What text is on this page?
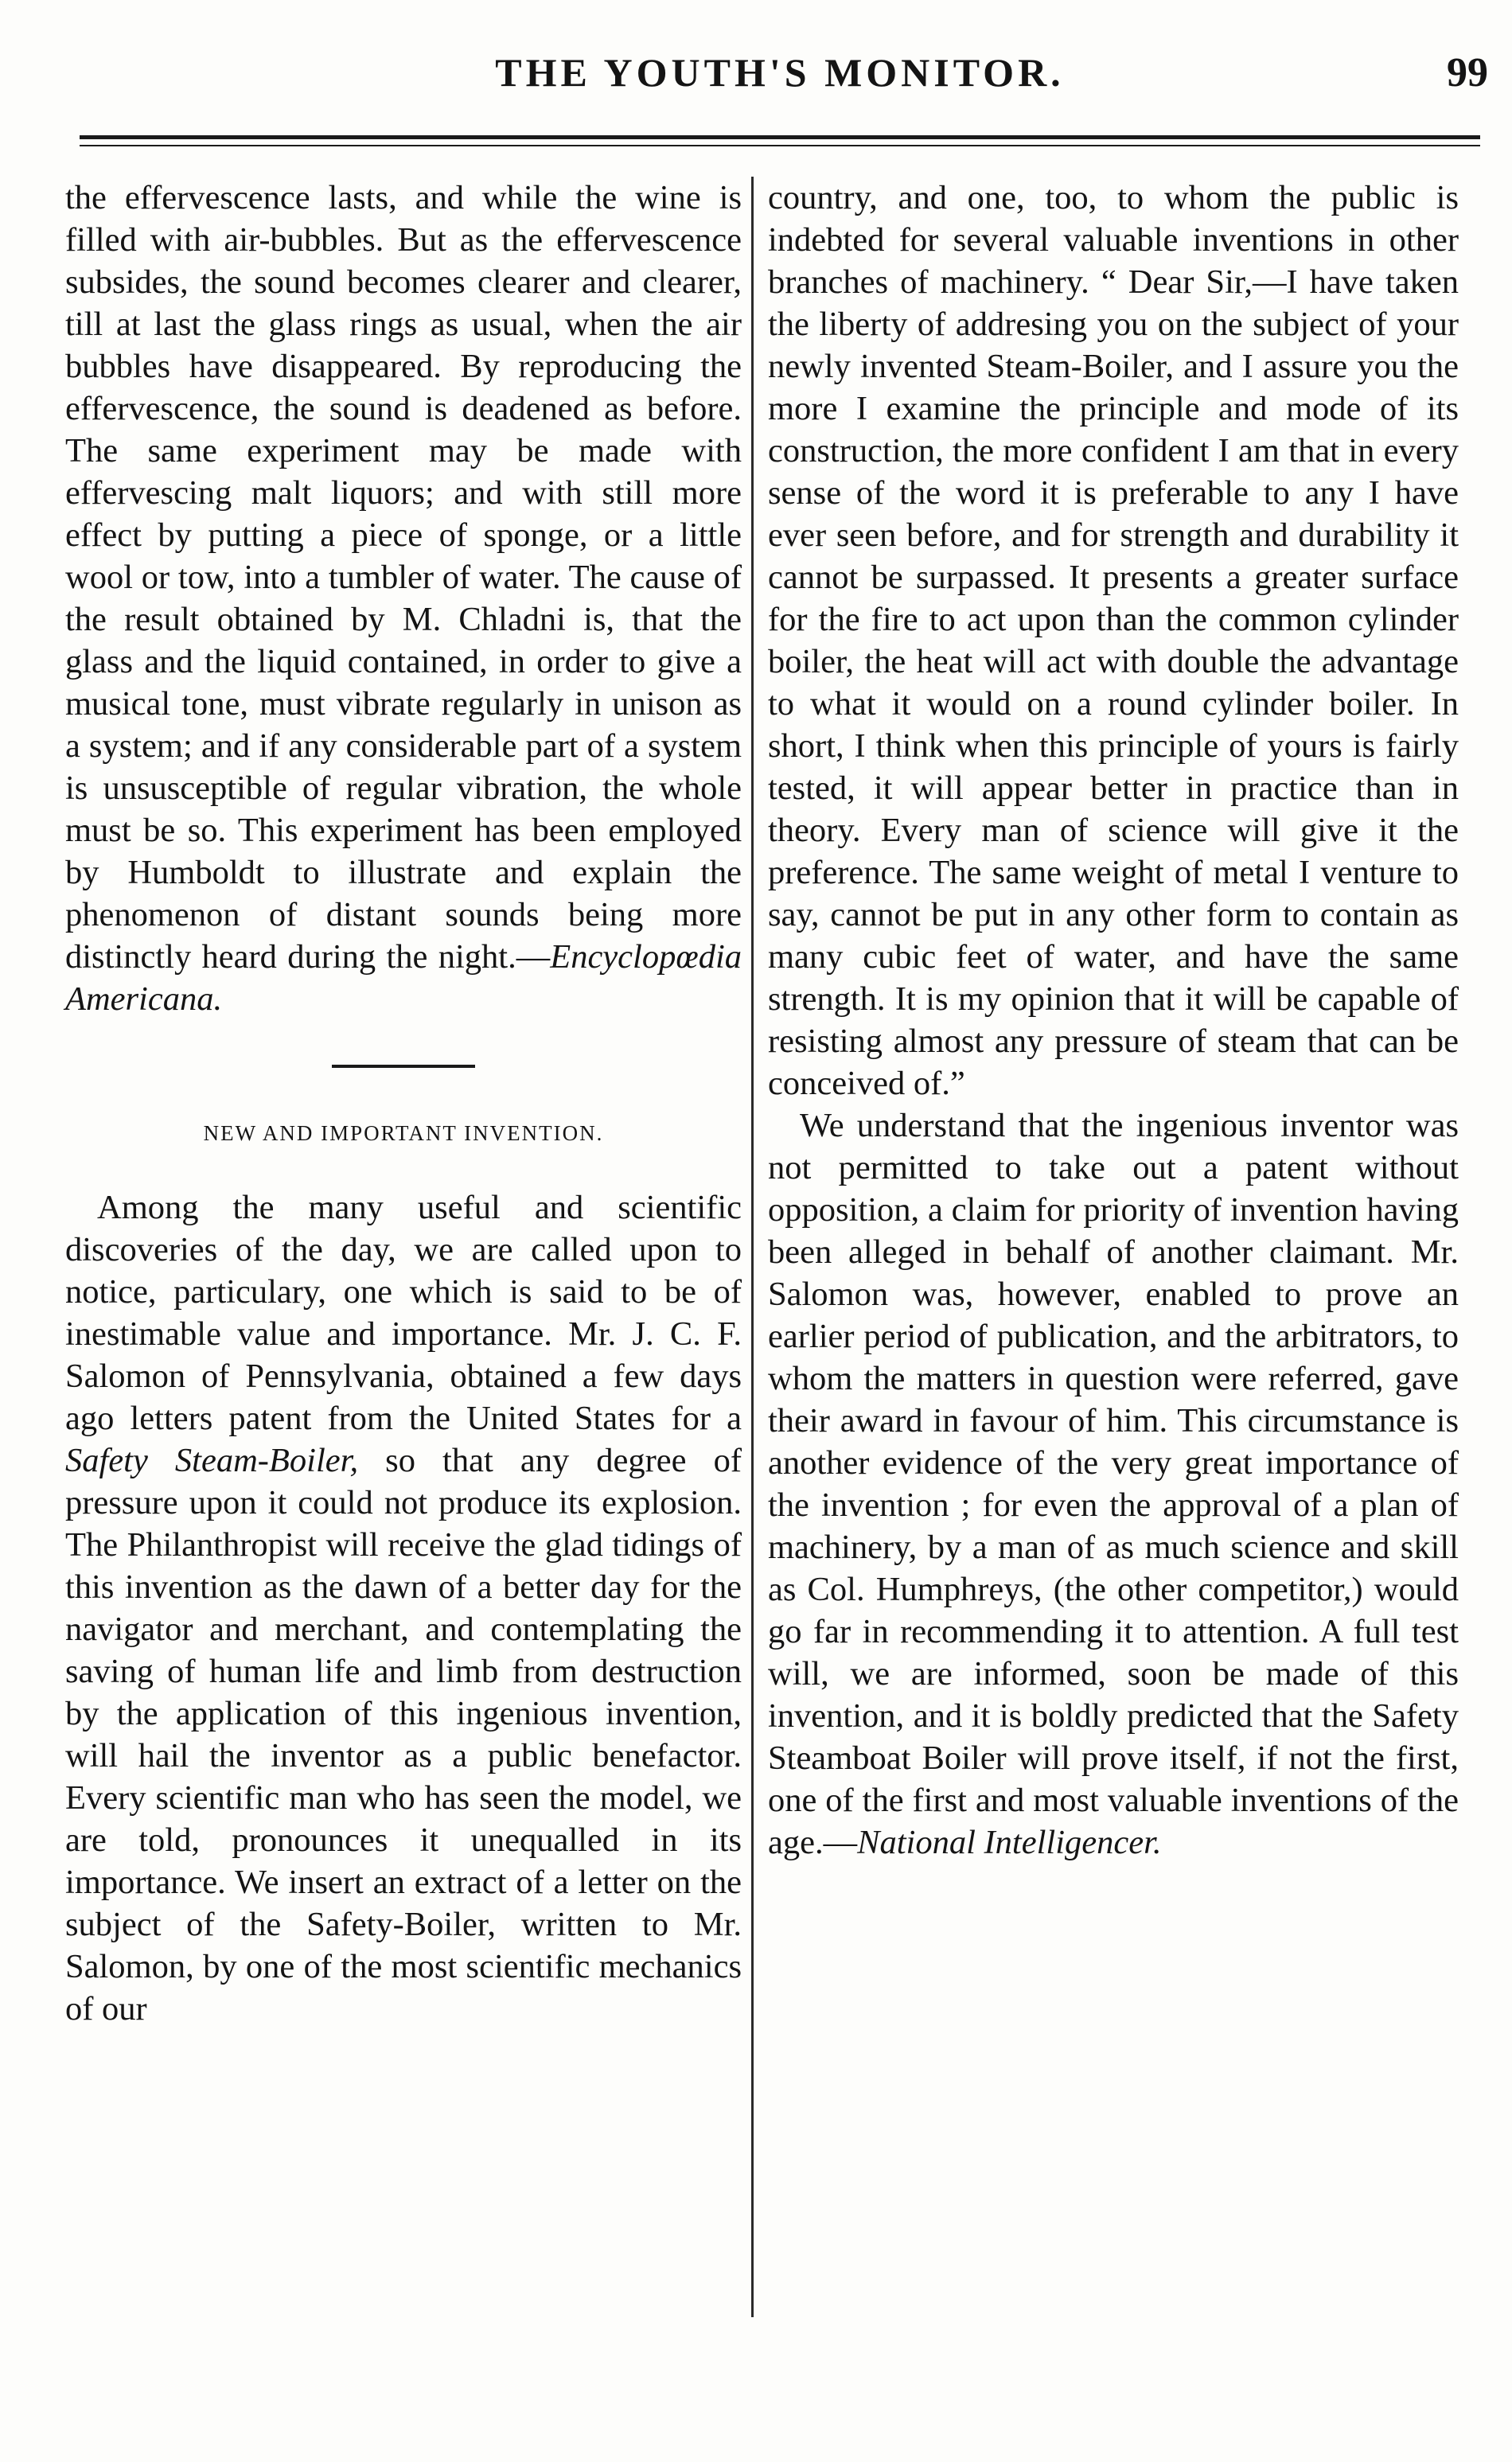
THE YOUTH'S MONITOR.	99

the effervescence lasts, and while the wine is filled with air-bubbles. But as the effervescence subsides, the sound becomes clearer and clearer, till at last the glass rings as usual, when the air bubbles have disappeared. By reproducing the effervescence, the sound is deadened as before. The same experiment may be made with effervescing malt liquors; and with still more effect by putting a piece of sponge, or a little wool or tow, into a tumbler of water. The cause of the result obtained by M. Chladni is, that the glass and the liquid contained, in order to give a musical tone, must vibrate regularly in unison as a system; and if any considerable part of a system is unsusceptible of regular vibration, the whole must be so. This experiment has been employed by Humboldt to illustrate and explain the phenomenon of distant sounds being more distinctly heard during the night.—Encyclopœdia Americana.

NEW AND IMPORTANT INVENTION.

Among the many useful and scientific discoveries of the day, we are called upon to notice, particulary, one which is said to be of inestimable value and importance. Mr. J. C. F. Salomon of Pennsylvania, obtained a few days ago letters patent from the United States for a Safety Steam-Boiler, so that any degree of pressure upon it could not produce its explosion. The Philanthropist will receive the glad tidings of this invention as the dawn of a better day for the navigator and merchant, and contemplating the saving of human life and limb from destruction by the application of this ingenious invention, will hail the inventor as a public benefactor. Every scientific man who has seen the model, we are told, pronounces it unequalled in its importance. We insert an extract of a letter on the subject of the Safety-Boiler, written to Mr. Salomon, by one of the most scientific mechanics of our

country, and one, too, to whom the public is indebted for several valuable inventions in other branches of machinery. “ Dear Sir,—I have taken the liberty of addresing you on the subject of your newly invented Steam-Boiler, and I assure you the more I examine the principle and mode of its construction, the more confident I am that in every sense of the word it is preferable to any I have ever seen before, and for strength and durability it cannot be surpassed. It presents a greater surface for the fire to act upon than the common cylinder boiler, the heat will act with double the advantage to what it would on a round cylinder boiler. In short, I think when this principle of yours is fairly tested, it will appear better in practice than in theory. Every man of science will give it the preference. The same weight of metal I venture to say, cannot be put in any other form to contain as many cubic feet of water, and have the same strength. It is my opinion that it will be capable of resisting almost any pressure of steam that can be conceived of.”

We understand that the ingenious inventor was not permitted to take out a patent without opposition, a claim for priority of invention having been alleged in behalf of another claimant. Mr. Salomon was, however, enabled to prove an earlier period of publication, and the arbitrators, to whom the matters in question were referred, gave their award in favour of him. This circumstance is another evidence of the very great importance of the invention ; for even the approval of a plan of machinery, by a man of as much science and skill as Col. Humphreys, (the other competitor,) would go far in recommending it to attention. A full test will, we are informed, soon be made of this invention, and it is boldly predicted that the Safety Steamboat Boiler will prove itself, if not the first, one of the first and most valuable inventions of the age.—National Intelligencer.
